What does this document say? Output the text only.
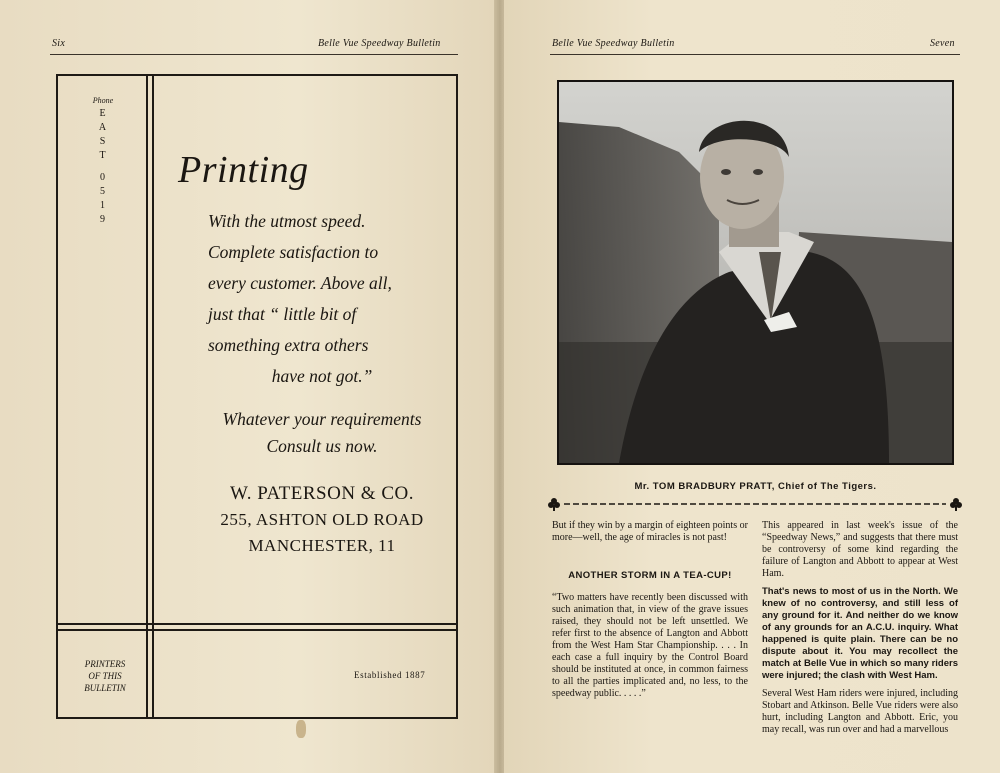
Six	Belle Vue Speedway Bulletin
Phone
E
A
S
T
0
5
1
9
Printing
With the utmost speed.
Complete satisfaction to
every customer. Above all,
just that “ little bit of
something extra others
have not got.”
Whatever your requirements
Consult us now.
W. PATERSON & CO.
255, ASHTON OLD ROAD
MANCHESTER, 11
PRINTERS
OF THIS
BULLETIN
Established 1887
Belle Vue Speedway Bulletin	Seven
Mr. TOM BRADBURY PRATT, Chief of The Tigers.

But if they win by a margin of eighteen points or more—well, the age of miracles is not past!

ANOTHER STORM IN A TEA-CUP!

“Two matters have recently been discussed with such animation that, in view of the grave issues raised, they should not be left unsettled. We refer first to the absence of Langton and Abbott from the West Ham Star Championship. . . . In each case a full inquiry by the Control Board should be instituted at once, in common fairness to all the parties implicated and, no less, to the speedway public. . . . .”

This appeared in last week's issue of the “Speedway News,” and suggests that there must be controversy of some kind regarding the failure of Langton and Abbott to appear at West Ham.

That's news to most of us in the North. We knew of no controversy, and still less of any ground for it. And neither do we know of any grounds for an A.C.U. inquiry. What happened is quite plain. There can be no dispute about it. You may recollect the match at Belle Vue in which so many riders were injured; the clash with West Ham.

Several West Ham riders were injured, including Stobart and Atkinson. Belle Vue riders were also hurt, including Langton and Abbott. Eric, you may recall, was run over and had a marvellous
